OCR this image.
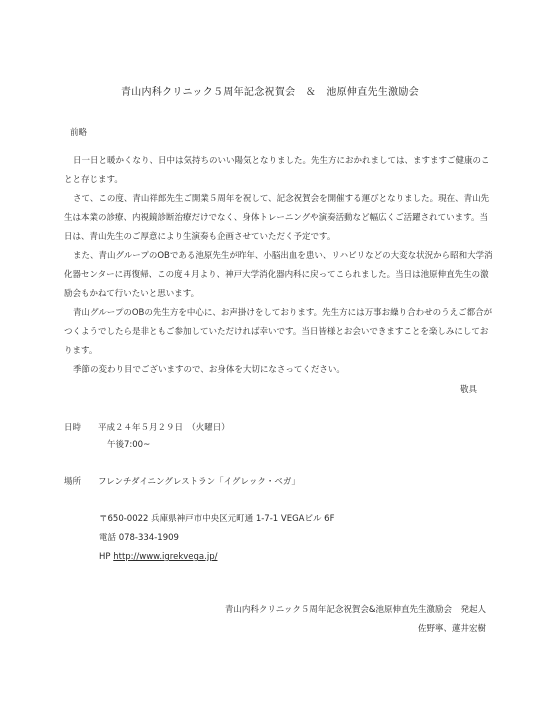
青山内科クリニック５周年記念祝賀会　＆　池原伸直先生激励会
前略

日一日と暖かくなり、日中は気持ちのいい陽気となりました。先生方におかれましては、ますますご健康のことと存じます。

さて、この度、青山祥郎先生ご開業５周年を祝して、記念祝賀会を開催する運びとなりました。現在、青山先生は本業の診療、内視鏡診断治療だけでなく、身体トレーニングや演奏活動など幅広くご活躍されています。当日は、青山先生のご厚意により生演奏も企画させていただく予定です。

また、青山グループのOBである池原先生が昨年、小脳出血を患い、リハビリなどの大変な状況から昭和大学消化器センターに再復帰、この度４月より、神戸大学消化器内科に戻ってこられました。当日は池原伸直先生の激励会もかねて行いたいと思います。

青山グループのOBの先生方を中心に、お声掛けをしております。先生方には万事お繰り合わせのうえご都合がつくようでしたら是非ともご参加していただければ幸いです。当日皆様とお会いできますことを楽しみにしております。

季節の変わり目でございますので、お身体を大切になさってください。

敬具
日時 平成２４年５月２９日　（火曜日）
午後7:00~
場所 フレンチダイニングレストラン「イグレック・ベガ」
〒650-0022 兵庫県神戸市中央区元町通 1-7-1 VEGAビル 6F
電話 078-334-1909
HP http://www.igrekvega.jp/
青山内科クリニック５周年記念祝賀会&池原伸直先生激励会　発起人
佐野寧、蓮井宏樹
